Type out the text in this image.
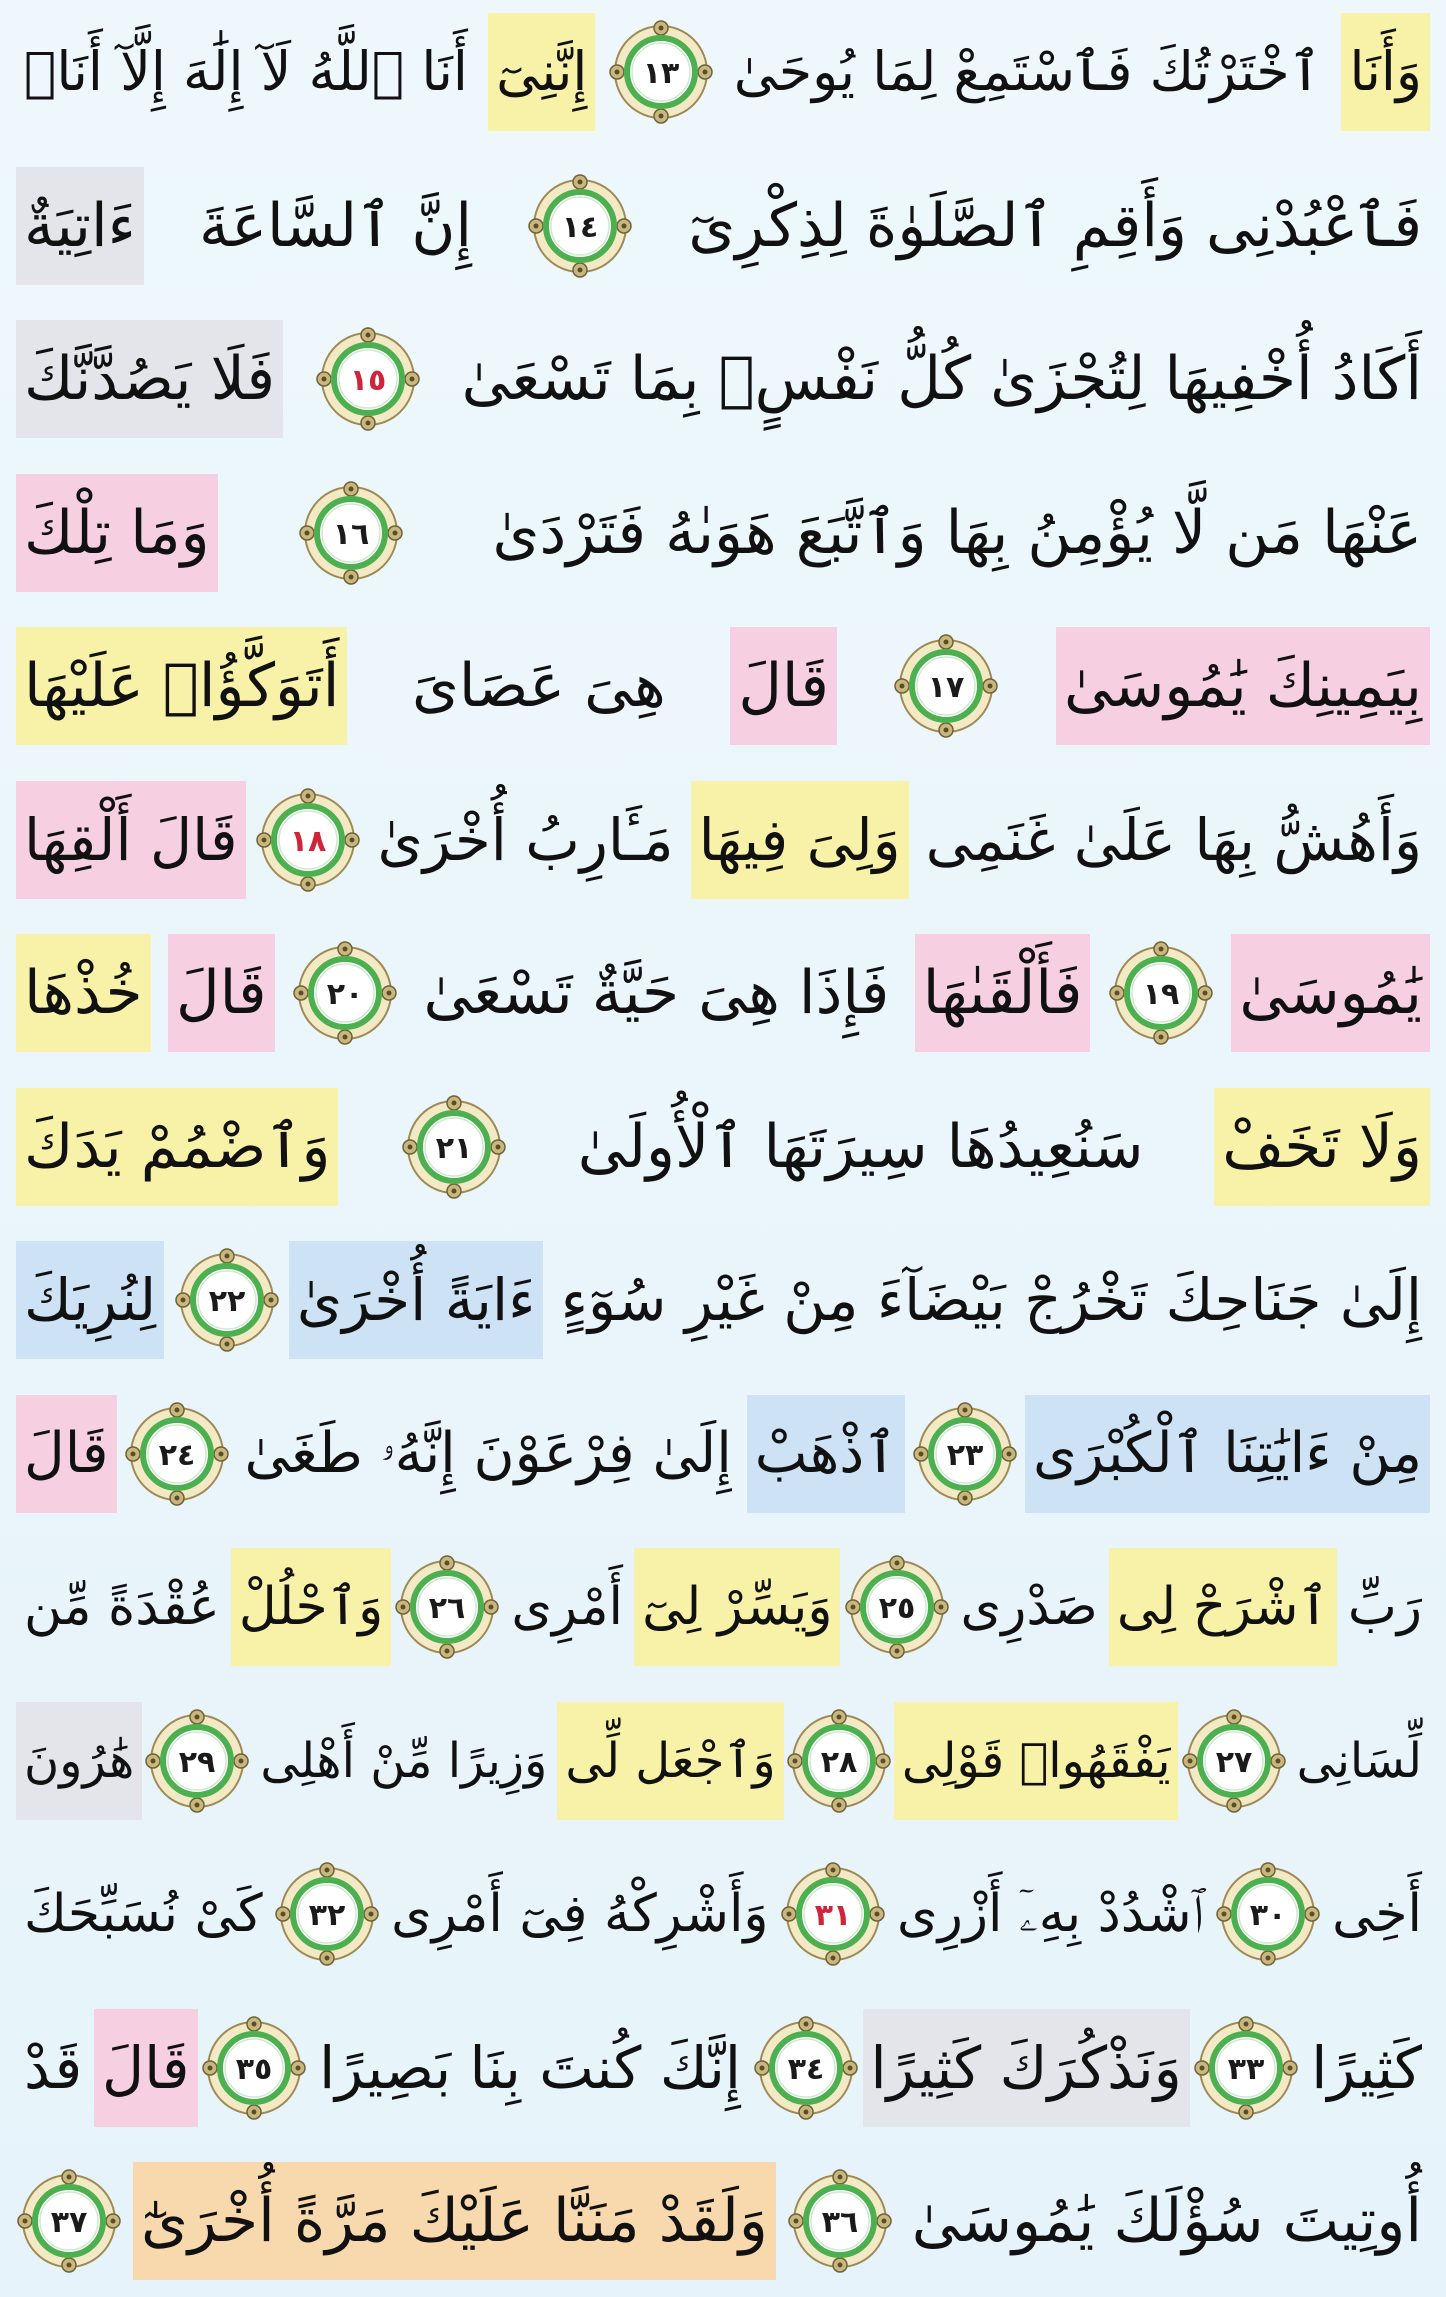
وَأَنَا
ٱخْتَرْتُكَ فَٱسْتَمِعْ لِمَا يُوحَىٰ
١٣
إِنَّنِىٓ
أَنَا ٱللَّهُ لَآ إِلَٰهَ إِلَّآ أَنَا۠
فَٱعْبُدْنِى وَأَقِمِ ٱلصَّلَوٰةَ لِذِكْرِىٓ
١٤
إِنَّ ٱلسَّاعَةَ
ءَاتِيَةٌ
أَكَادُ أُخْفِيهَا لِتُجْزَىٰ كُلُّ نَفْسٍۭ بِمَا تَسْعَىٰ
١٥
فَلَا يَصُدَّنَّكَ
عَنْهَا مَن لَّا يُؤْمِنُ بِهَا وَٱتَّبَعَ هَوَىٰهُ فَتَرْدَىٰ
١٦
وَمَا تِلْكَ
بِيَمِينِكَ يَٰمُوسَىٰ
١٧
قَالَ
هِىَ عَصَاىَ
أَتَوَكَّؤُا۟ عَلَيْهَا
وَأَهُشُّ بِهَا عَلَىٰ غَنَمِى
وَلِىَ فِيهَا
مَـَٔارِبُ أُخْرَىٰ
١٨
قَالَ أَلْقِهَا
يَٰمُوسَىٰ
١٩
فَأَلْقَىٰهَا
فَإِذَا هِىَ حَيَّةٌ تَسْعَىٰ
٢٠
قَالَ
خُذْهَا
وَلَا تَخَفْ
سَنُعِيدُهَا سِيرَتَهَا ٱلْأُولَىٰ
٢١
وَٱضْمُمْ يَدَكَ
إِلَىٰ جَنَاحِكَ تَخْرُجْ بَيْضَآءَ مِنْ غَيْرِ سُوٓءٍ
ءَايَةً أُخْرَىٰ
٢٢
لِنُرِيَكَ
مِنْ ءَايَٰتِنَا ٱلْكُبْرَى
٢٣
ٱذْهَبْ
إِلَىٰ فِرْعَوْنَ إِنَّهُۥ طَغَىٰ
٢٤
قَالَ
رَبِّ
ٱشْرَحْ لِى
صَدْرِى
٢٥
وَيَسِّرْ لِىٓ
أَمْرِى
٢٦
وَٱحْلُلْ
عُقْدَةً مِّن
لِّسَانِى
٢٧
يَفْقَهُوا۟ قَوْلِى
٢٨
وَٱجْعَل لِّى
وَزِيرًا مِّنْ أَهْلِى
٢٩
هَٰرُونَ
أَخِى
٣٠
ٱشْدُدْ بِهِۦٓ أَزْرِى
٣١
وَأَشْرِكْهُ فِىٓ أَمْرِى
٣٢
كَىْ نُسَبِّحَكَ
كَثِيرًا
٣٣
وَنَذْكُرَكَ كَثِيرًا
٣٤
إِنَّكَ كُنتَ بِنَا بَصِيرًا
٣٥
قَالَ
قَدْ
أُوتِيتَ سُؤْلَكَ يَٰمُوسَىٰ
٣٦
وَلَقَدْ مَنَنَّا عَلَيْكَ مَرَّةً أُخْرَىٰٓ
٣٧
